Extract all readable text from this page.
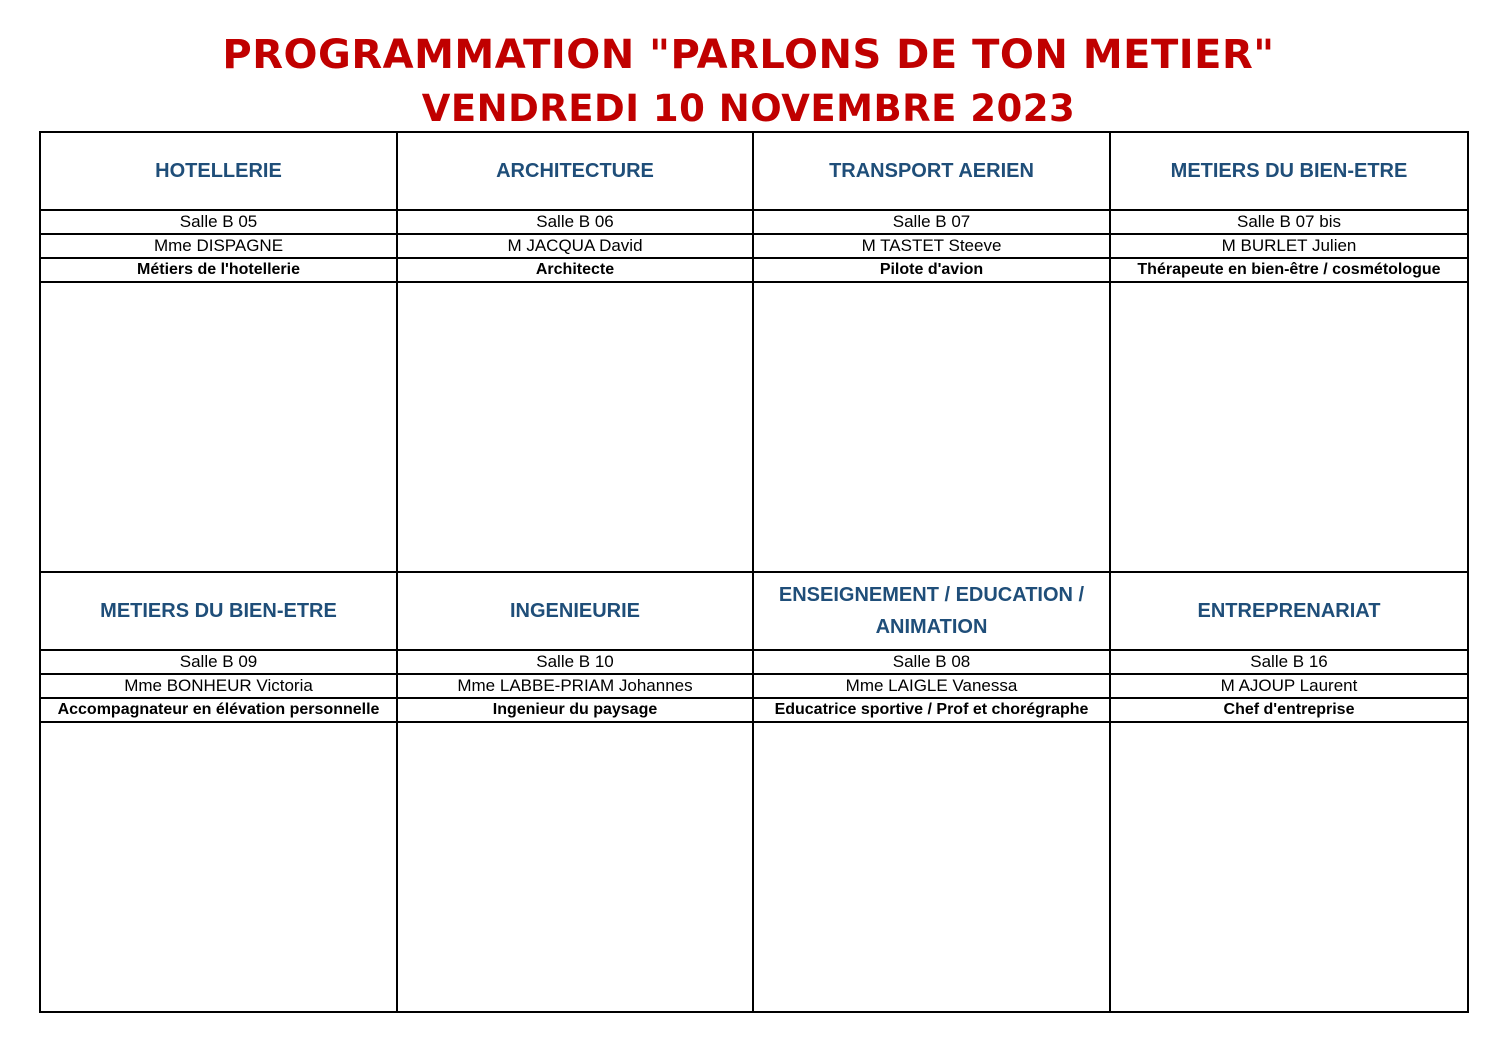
PROGRAMMATION "PARLONS DE TON METIER"
VENDREDI 10 NOVEMBRE 2023
HOTELLERIE	ARCHITECTURE	TRANSPORT AERIEN	METIERS DU BIEN-ETRE
Salle B 05	Salle B 06	Salle B 07	Salle B 07 bis
Mme DISPAGNE	M JACQUA David	M TASTET Steeve	M BURLET Julien
Métiers de l'hotellerie	Architecte	Pilote d'avion	Thérapeute en bien-être / cosmétologue

METIERS DU BIEN-ETRE	INGENIEURIE	ENSEIGNEMENT / EDUCATION / ANIMATION	ENTREPRENARIAT
Salle B 09	Salle B 10	Salle B 08	Salle B 16
Mme BONHEUR Victoria	Mme LABBE-PRIAM Johannes	Mme LAIGLE Vanessa	M AJOUP Laurent
Accompagnateur en élévation personnelle	Ingenieur du paysage	Educatrice sportive / Prof et chorégraphe	Chef d'entreprise
